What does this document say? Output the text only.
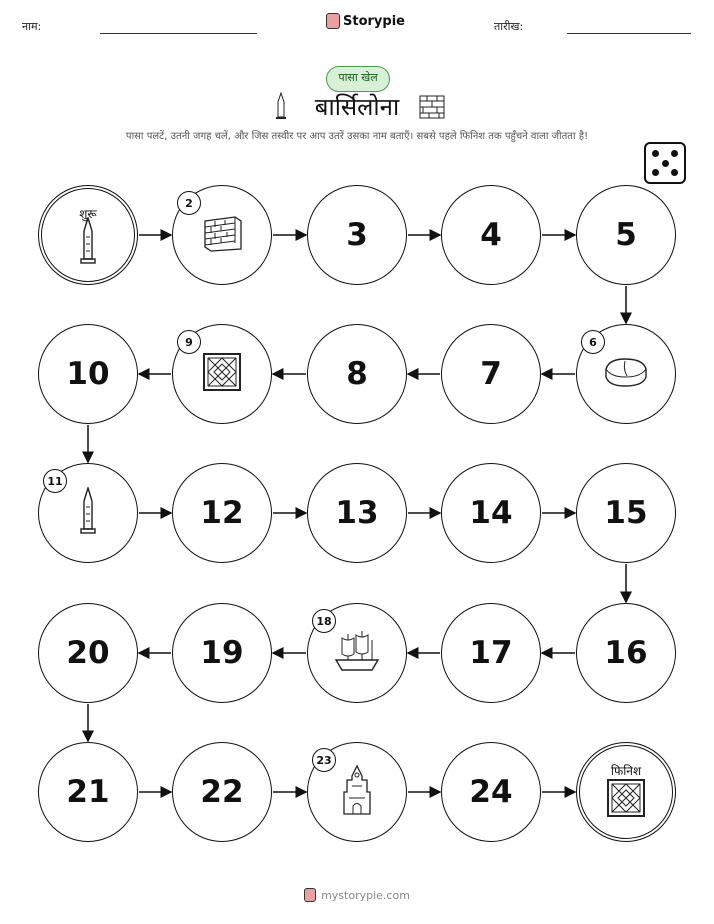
नाम:	Storypie	तारीख:
पासा खेल
बार्सिलोना
पासा पलटें, उतनी जगह चलें, और जिस तस्वीर पर आप उतरें उसका नाम बताएँ। सबसे पहले फिनिश तक पहुँचने वाला जीतता है!
शुरू
2
3	4	5
6
7
8
9
10
11
12	13	14	15
16
17
18
19
20
21	22
23
24
फिनिश
mystorypie.com
